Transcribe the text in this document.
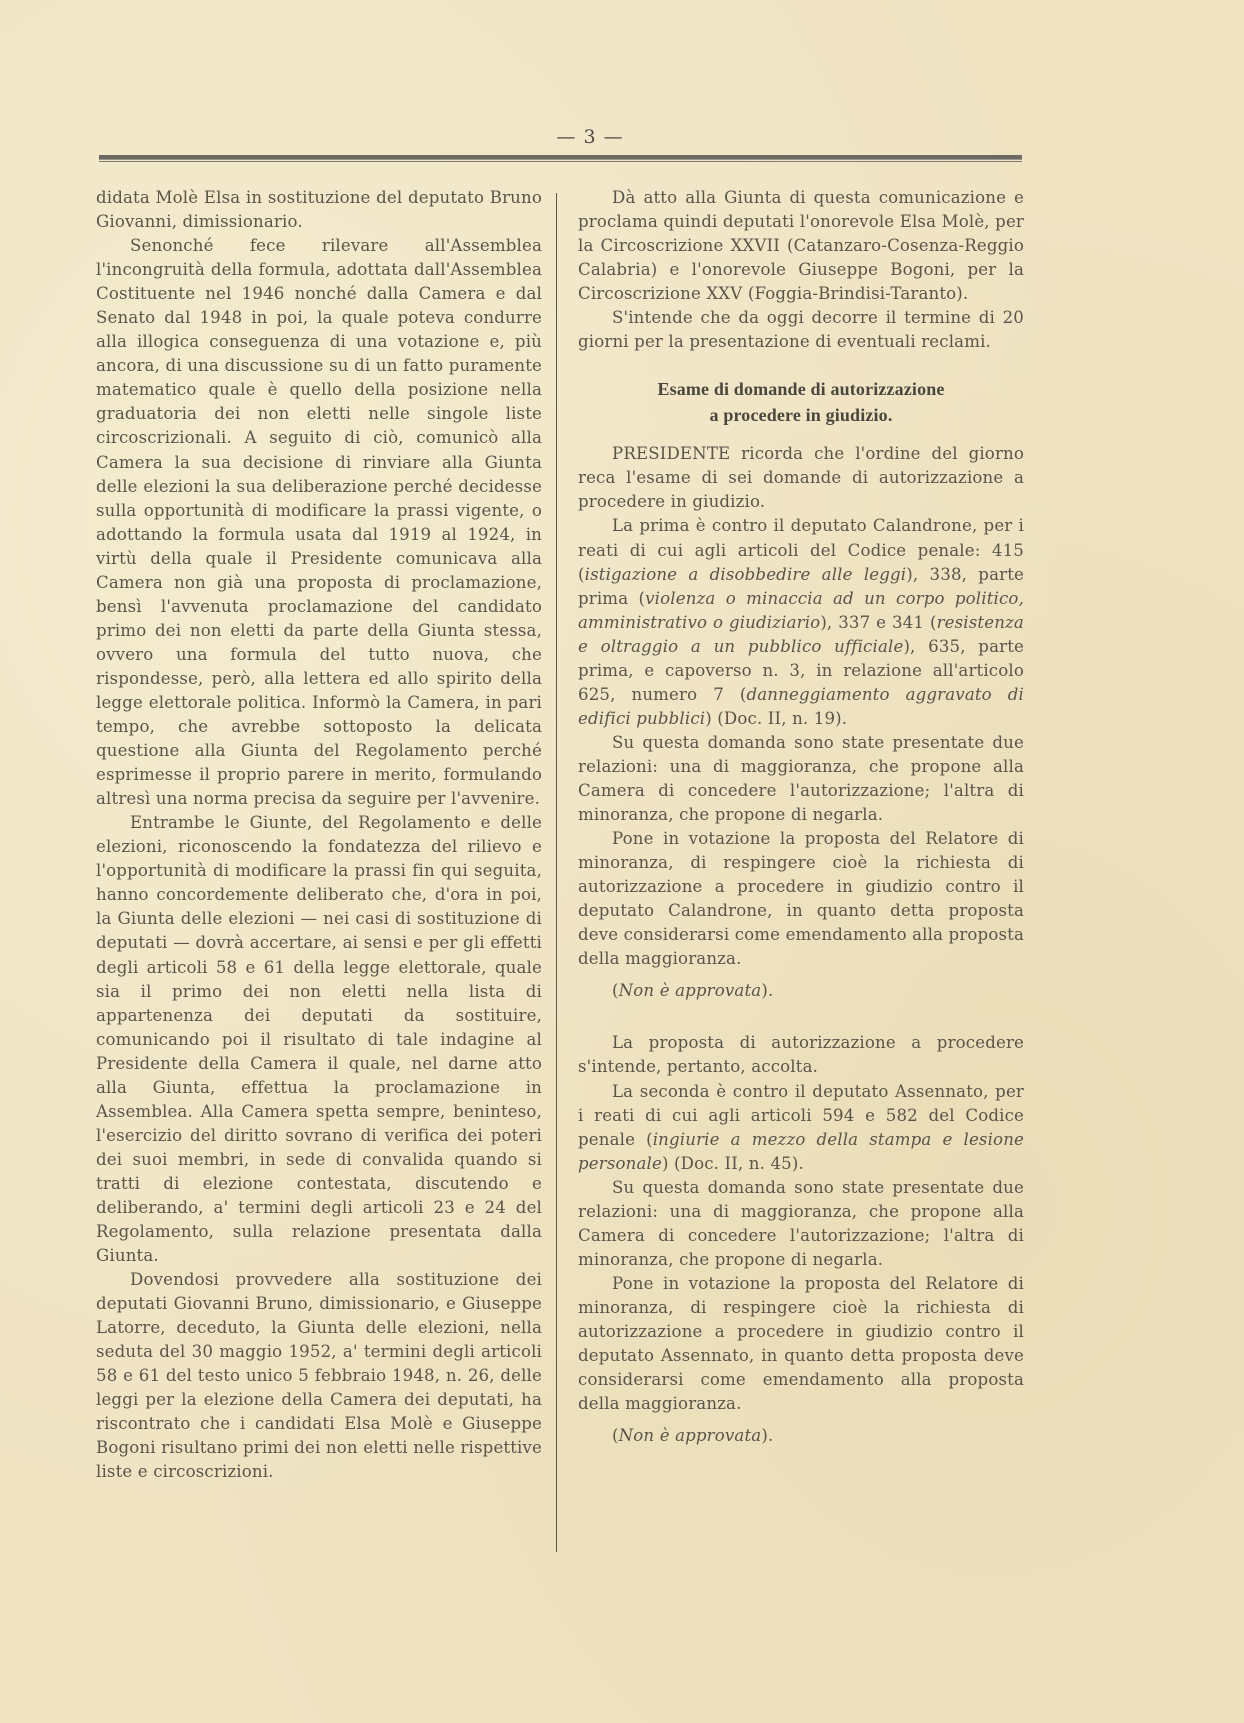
— 3 —

didata Molè Elsa in sostituzione del deputato Bruno Giovanni, dimissionario.

Senonché fece rilevare all'Assemblea l'incongruità della formula, adottata dall'Assemblea Costituente nel 1946 nonché dalla Camera e dal Senato dal 1948 in poi, la quale poteva condurre alla illogica conseguenza di una votazione e, più ancora, di una discussione su di un fatto puramente matematico quale è quello della posizione nella graduatoria dei non eletti nelle singole liste circoscrizionali. A seguito di ciò, comunicò alla Camera la sua decisione di rinviare alla Giunta delle elezioni la sua deliberazione perché decidesse sulla opportunità di modificare la prassi vigente, o adottando la formula usata dal 1919 al 1924, in virtù della quale il Presidente comunicava alla Camera non già una proposta di proclamazione, bensì l'avvenuta proclamazione del candidato primo dei non eletti da parte della Giunta stessa, ovvero una formula del tutto nuova, che rispondesse, però, alla lettera ed allo spirito della legge elettorale politica. Informò la Camera, in pari tempo, che avrebbe sottoposto la delicata questione alla Giunta del Regolamento perché esprimesse il proprio parere in merito, formulando altresì una norma precisa da seguire per l'avvenire.

Entrambe le Giunte, del Regolamento e delle elezioni, riconoscendo la fondatezza del rilievo e l'opportunità di modificare la prassi fin qui seguita, hanno concordemente deliberato che, d'ora in poi, la Giunta delle elezioni — nei casi di sostituzione di deputati — dovrà accertare, ai sensi e per gli effetti degli articoli 58 e 61 della legge elettorale, quale sia il primo dei non eletti nella lista di appartenenza dei deputati da sostituire, comunicando poi il risultato di tale indagine al Presidente della Camera il quale, nel darne atto alla Giunta, effettua la proclamazione in Assemblea. Alla Camera spetta sempre, beninteso, l'esercizio del diritto sovrano di verifica dei poteri dei suoi membri, in sede di convalida quando si tratti di elezione contestata, discutendo e deliberando, a' termini degli articoli 23 e 24 del Regolamento, sulla relazione presentata dalla Giunta.

Dovendosi provvedere alla sostituzione dei deputati Giovanni Bruno, dimissionario, e Giuseppe Latorre, deceduto, la Giunta delle elezioni, nella seduta del 30 maggio 1952, a' termini degli articoli 58 e 61 del testo unico 5 febbraio 1948, n. 26, delle leggi per la elezione della Camera dei deputati, ha riscontrato che i candidati Elsa Molè e Giuseppe Bogoni risultano primi dei non eletti nelle rispettive liste e circoscrizioni.

Dà atto alla Giunta di questa comunicazione e proclama quindi deputati l'onorevole Elsa Molè, per la Circoscrizione XXVII (Catanzaro-Cosenza-Reggio Calabria) e l'onorevole Giuseppe Bogoni, per la Circoscrizione XXV (Foggia-Brindisi-Taranto).

S'intende che da oggi decorre il termine di 20 giorni per la presentazione di eventuali reclami.

Esame di domande di autorizzazione
a procedere in giudizio.

PRESIDENTE ricorda che l'ordine del giorno reca l'esame di sei domande di autorizzazione a procedere in giudizio.

La prima è contro il deputato Calandrone, per i reati di cui agli articoli del Codice penale: 415 (istigazione a disobbedire alle leggi), 338, parte prima (violenza o minaccia ad un corpo politico, amministrativo o giudiziario), 337 e 341 (resistenza e oltraggio a un pubblico ufficiale), 635, parte prima, e capoverso n. 3, in relazione all'articolo 625, numero 7 (danneggiamento aggravato di edifici pubblici) (Doc. II, n. 19).

Su questa domanda sono state presentate due relazioni: una di maggioranza, che propone alla Camera di concedere l'autorizzazione; l'altra di minoranza, che propone di negarla.

Pone in votazione la proposta del Relatore di minoranza, di respingere cioè la richiesta di autorizzazione a procedere in giudizio contro il deputato Calandrone, in quanto detta proposta deve considerarsi come emendamento alla proposta della maggioranza.

(Non è approvata).

La proposta di autorizzazione a procedere s'intende, pertanto, accolta.

La seconda è contro il deputato Assennato, per i reati di cui agli articoli 594 e 582 del Codice penale (ingiurie a mezzo della stampa e lesione personale) (Doc. II, n. 45).

Su questa domanda sono state presentate due relazioni: una di maggioranza, che propone alla Camera di concedere l'autorizzazione; l'altra di minoranza, che propone di negarla.

Pone in votazione la proposta del Relatore di minoranza, di respingere cioè la richiesta di autorizzazione a procedere in giudizio contro il deputato Assennato, in quanto detta proposta deve considerarsi come emendamento alla proposta della maggioranza.

(Non è approvata).
